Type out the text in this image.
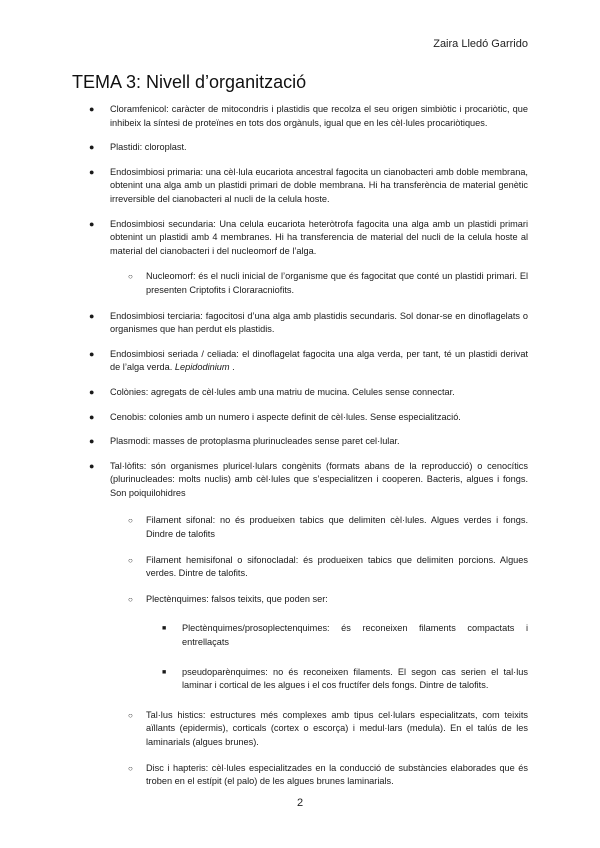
Zaira Lledó Garrido
TEMA 3: Nivell d’organització
● Cloramfenicol: caràcter de mitocondris i plastidis que recolza el seu origen simbiòtic i procariòtic, que inhibeix la síntesi de proteïnes en tots dos orgànuls, igual que en les cèl·lules procariòtiques.
● Plastidi: cloroplast.
● Endosimbiosi primaria: una cèl·lula eucariota ancestral fagocita un cianobacteri amb doble membrana, obtenint una alga amb un plastidi primari de doble membrana. Hi ha transferència de material genètic irreversible del cianobacteri al nucli de la celula hoste.
● Endosimbiosi secundaria: Una celula eucariota heteròtrofa fagocita una alga amb un plastidi primari obtenint un plastidi amb 4 membranes. Hi ha transferencia de material del nucli de la celula hoste al material del cianobacteri i del nucleomorf de l’alga.
○ Nucleomorf: és el nucli inicial de l’organisme que és fagocitat que conté un plastidi primari. El presenten Criptofits i Cloraracniofits.
● Endosimbiosi terciaria: fagocitosi d’una alga amb plastidis secundaris. Sol donar-se en dinoflagelats o organismes que han perdut els plastidis.
● Endosimbiosi seriada / celiada: el dinoflagelat fagocita una alga verda, per tant, té un plastidi derivat de l’alga verda. Lepidodinium .
● Colònies: agregats de cèl·lules amb una matriu de mucina. Celules sense connectar.
● Cenobis: colonies amb un numero i aspecte definit de cèl·lules. Sense especialització.
● Plasmodi: masses de protoplasma plurinucleades sense paret cel·lular.
● Tal·lòfits: són organismes pluricel·lulars congènits (formats abans de la reproducció) o cenocítics (plurinucleades: molts nuclis) amb cèl·lules que s’especialitzen i cooperen. Bacteris, algues i fongs. Son poiquilohidres
○ Filament sifonal: no és produeixen tabics que delimiten cèl·lules. Algues verdes i fongs. Dindre de talofits
○ Filament hemisifonal o sifonocladal: és produeixen tabics que delimiten porcions. Algues verdes. Dintre de talofits.
○ Plectènquimes: falsos teixits, que poden ser:
■ Plectènquimes/prosoplectenquimes: és reconeixen filaments compactats i entrellaçats
■ pseudoparènquimes: no és reconeixen filaments. El segon cas serien el tal·lus laminar i cortical de les algues i el cos fructífer dels fongs. Dintre de talofits.
○ Tal·lus histics: estructures més complexes amb tipus cel·lulars especialitzats, com teixits aïllants (epidermis), corticals (cortex o escorça) i medul·lars (medula). En el talús de les laminarials (algues brunes).
○ Disc i hapteris: cèl·lules especialitzades en la conducció de substàncies elaborades que és troben en el estípit (el palo) de les algues brunes laminarials.
2
